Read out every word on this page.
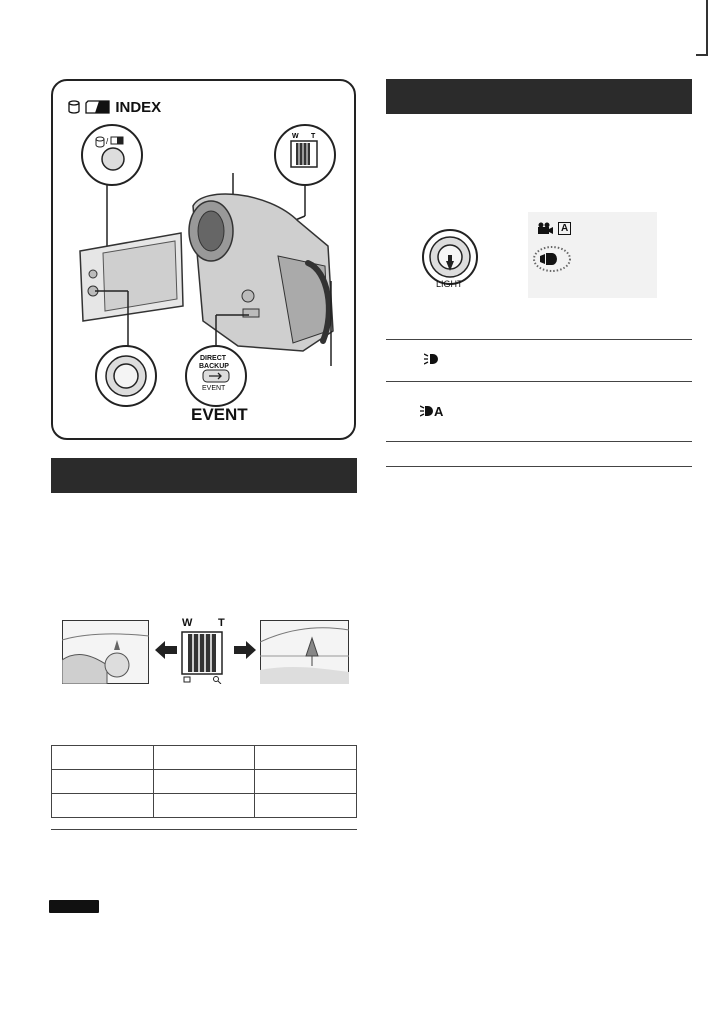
INDEX
/
W T
DIRECT
BACKUP
EVENT
EVENT
W T

LIGHT
A
A
